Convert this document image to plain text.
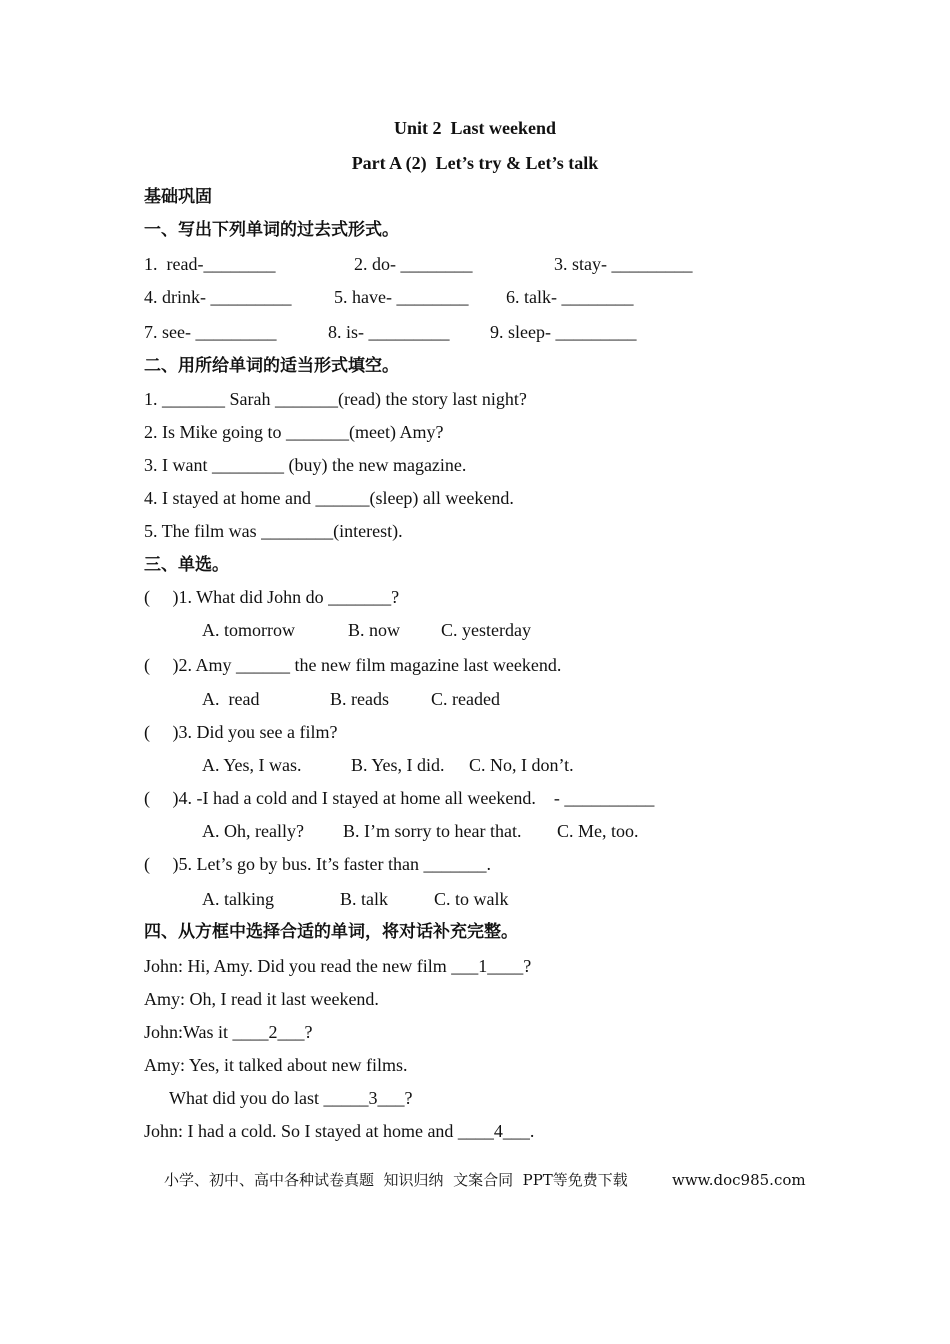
Unit 2  Last weekend
Part A (2)  Let’s try & Let’s talk
基础巩固
一、写出下列单词的过去式形式。
1.  read-________	2. do- ________	3. stay- _________
4. drink- _________ 5. have- ________ 6. talk- ________
7. see- _________	8. is- _________ 9. sleep- _________
二、用所给单词的适当形式填空。
1. _______ Sarah _______(read) the story last night?
2. Is Mike going to _______(meet) Amy?
3. I want ________ (buy) the new magazine.
4. I stayed at home and ______(sleep) all weekend.
5. The film was ________(interest).
三、单选。
(     )1. What did John do _______?
A. tomorrow	B. now C. yesterday
(     )2. Amy ______ the new film magazine last weekend.
A.  read	B. reads C. readed
(     )3. Did you see a film?
A. Yes, I was.	B. Yes, I did. C. No, I don’t.
(     )4. -I had a cold and I stayed at home all weekend.    - __________
A. Oh, really? B. I’m sorry to hear that. C. Me, too.
(     )5. Let’s go by bus. It’s faster than _______.
A. talking	B. talk	C. to walk
四、从方框中选择合适的单词，将对话补充完整。
John: Hi, Amy. Did you read the new film ___1____?
Amy: Oh, I read it last weekend.
John:Was it ____2___?
Amy: Yes, it talked about new films.
What did you do last _____3___?
John: I had a cold. So I stayed at home and ____4___.
小学、初中、高中各种试卷真题  知识归纳  文案合同  PPT等免费下载	www.doc985.com
